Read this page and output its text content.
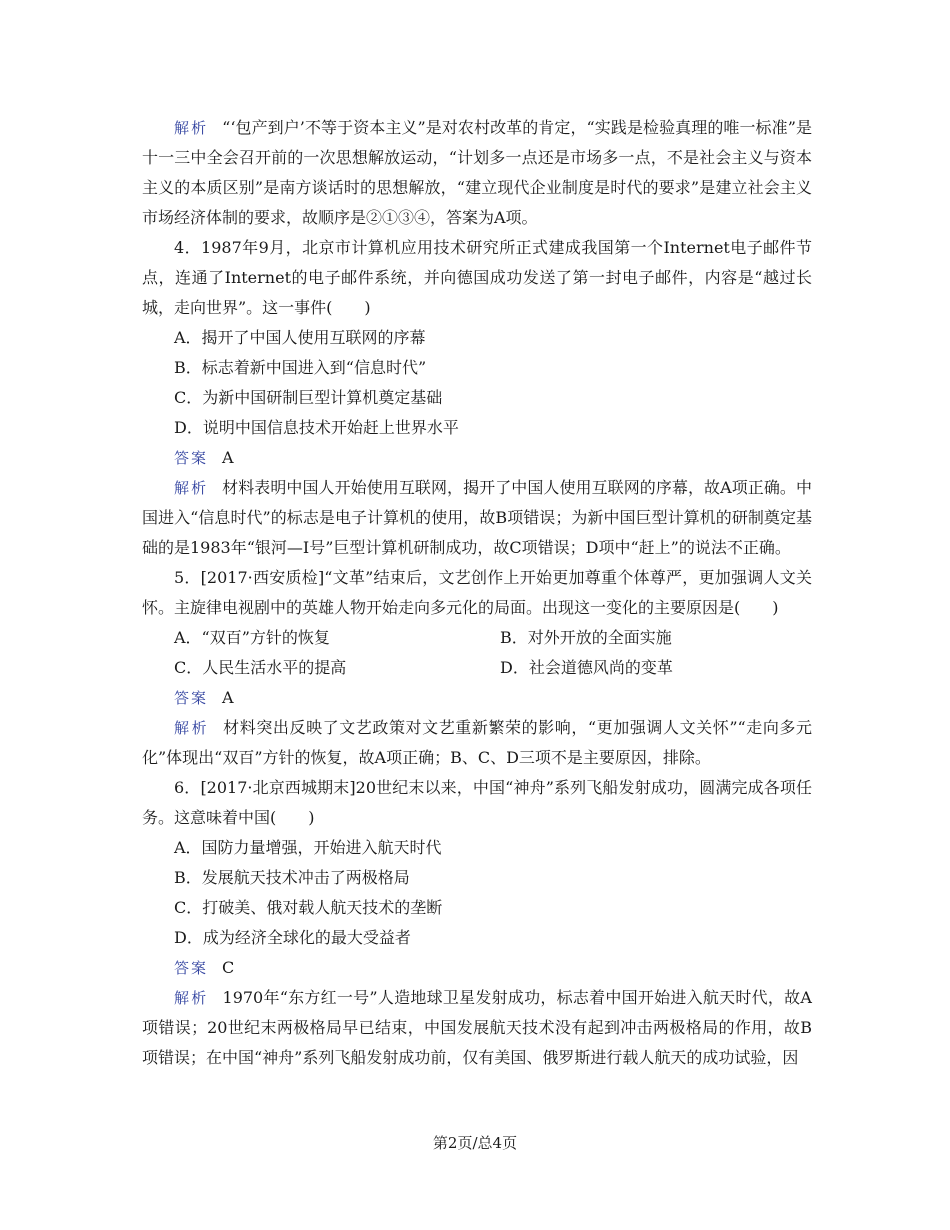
解析 “‘包产到户’不等于资本主义”是对农村改革的肯定，“实践是检验真理的唯一标准”是十一三中全会召开前的一次思想解放运动，“计划多一点还是市场多一点，不是社会主义与资本主义的本质区别”是南方谈话时的思想解放，“建立现代企业制度是时代的要求”是建立社会主义市场经济体制的要求，故顺序是②①③④，答案为A项。

4．1987年9月，北京市计算机应用技术研究所正式建成我国第一个Internet电子邮件节点，连通了Internet的电子邮件系统，并向德国成功发送了第一封电子邮件，内容是“越过长城，走向世界”。这一事件(　　)

A．揭开了中国人使用互联网的序幕

B．标志着新中国进入到“信息时代”

C．为新中国研制巨型计算机奠定基础

D．说明中国信息技术开始赶上世界水平

答案 A

解析 材料表明中国人开始使用互联网，揭开了中国人使用互联网的序幕，故A项正确。中国进入“信息时代”的标志是电子计算机的使用，故B项错误；为新中国巨型计算机的研制奠定基础的是1983年“银河—Ⅰ号”巨型计算机研制成功，故C项错误；D项中“赶上”的说法不正确。

5．[2017·西安质检]“文革”结束后，文艺创作上开始更加尊重个体尊严，更加强调人文关怀。主旋律电视剧中的英雄人物开始走向多元化的局面。出现这一变化的主要原因是(　　)

A．“双百”方针的恢复	B．对外开放的全面实施
C．人民生活水平的提高	D．社会道德风尚的变革

答案 A

解析 材料突出反映了文艺政策对文艺重新繁荣的影响，“更加强调人文关怀”“走向多元化”体现出“双百”方针的恢复，故A项正确；B、C、D三项不是主要原因，排除。

6．[2017·北京西城期末]20世纪末以来，中国“神舟”系列飞船发射成功，圆满完成各项任务。这意味着中国(　　)

A．国防力量增强，开始进入航天时代

B．发展航天技术冲击了两极格局

C．打破美、俄对载人航天技术的垄断

D．成为经济全球化的最大受益者

答案 C

解析 1970年“东方红一号”人造地球卫星发射成功，标志着中国开始进入航天时代，故A项错误；20世纪末两极格局早已结束，中国发展航天技术没有起到冲击两极格局的作用，故B项错误；在中国“神舟”系列飞船发射成功前，仅有美国、俄罗斯进行载人航天的成功试验，因

第2页/总4页
